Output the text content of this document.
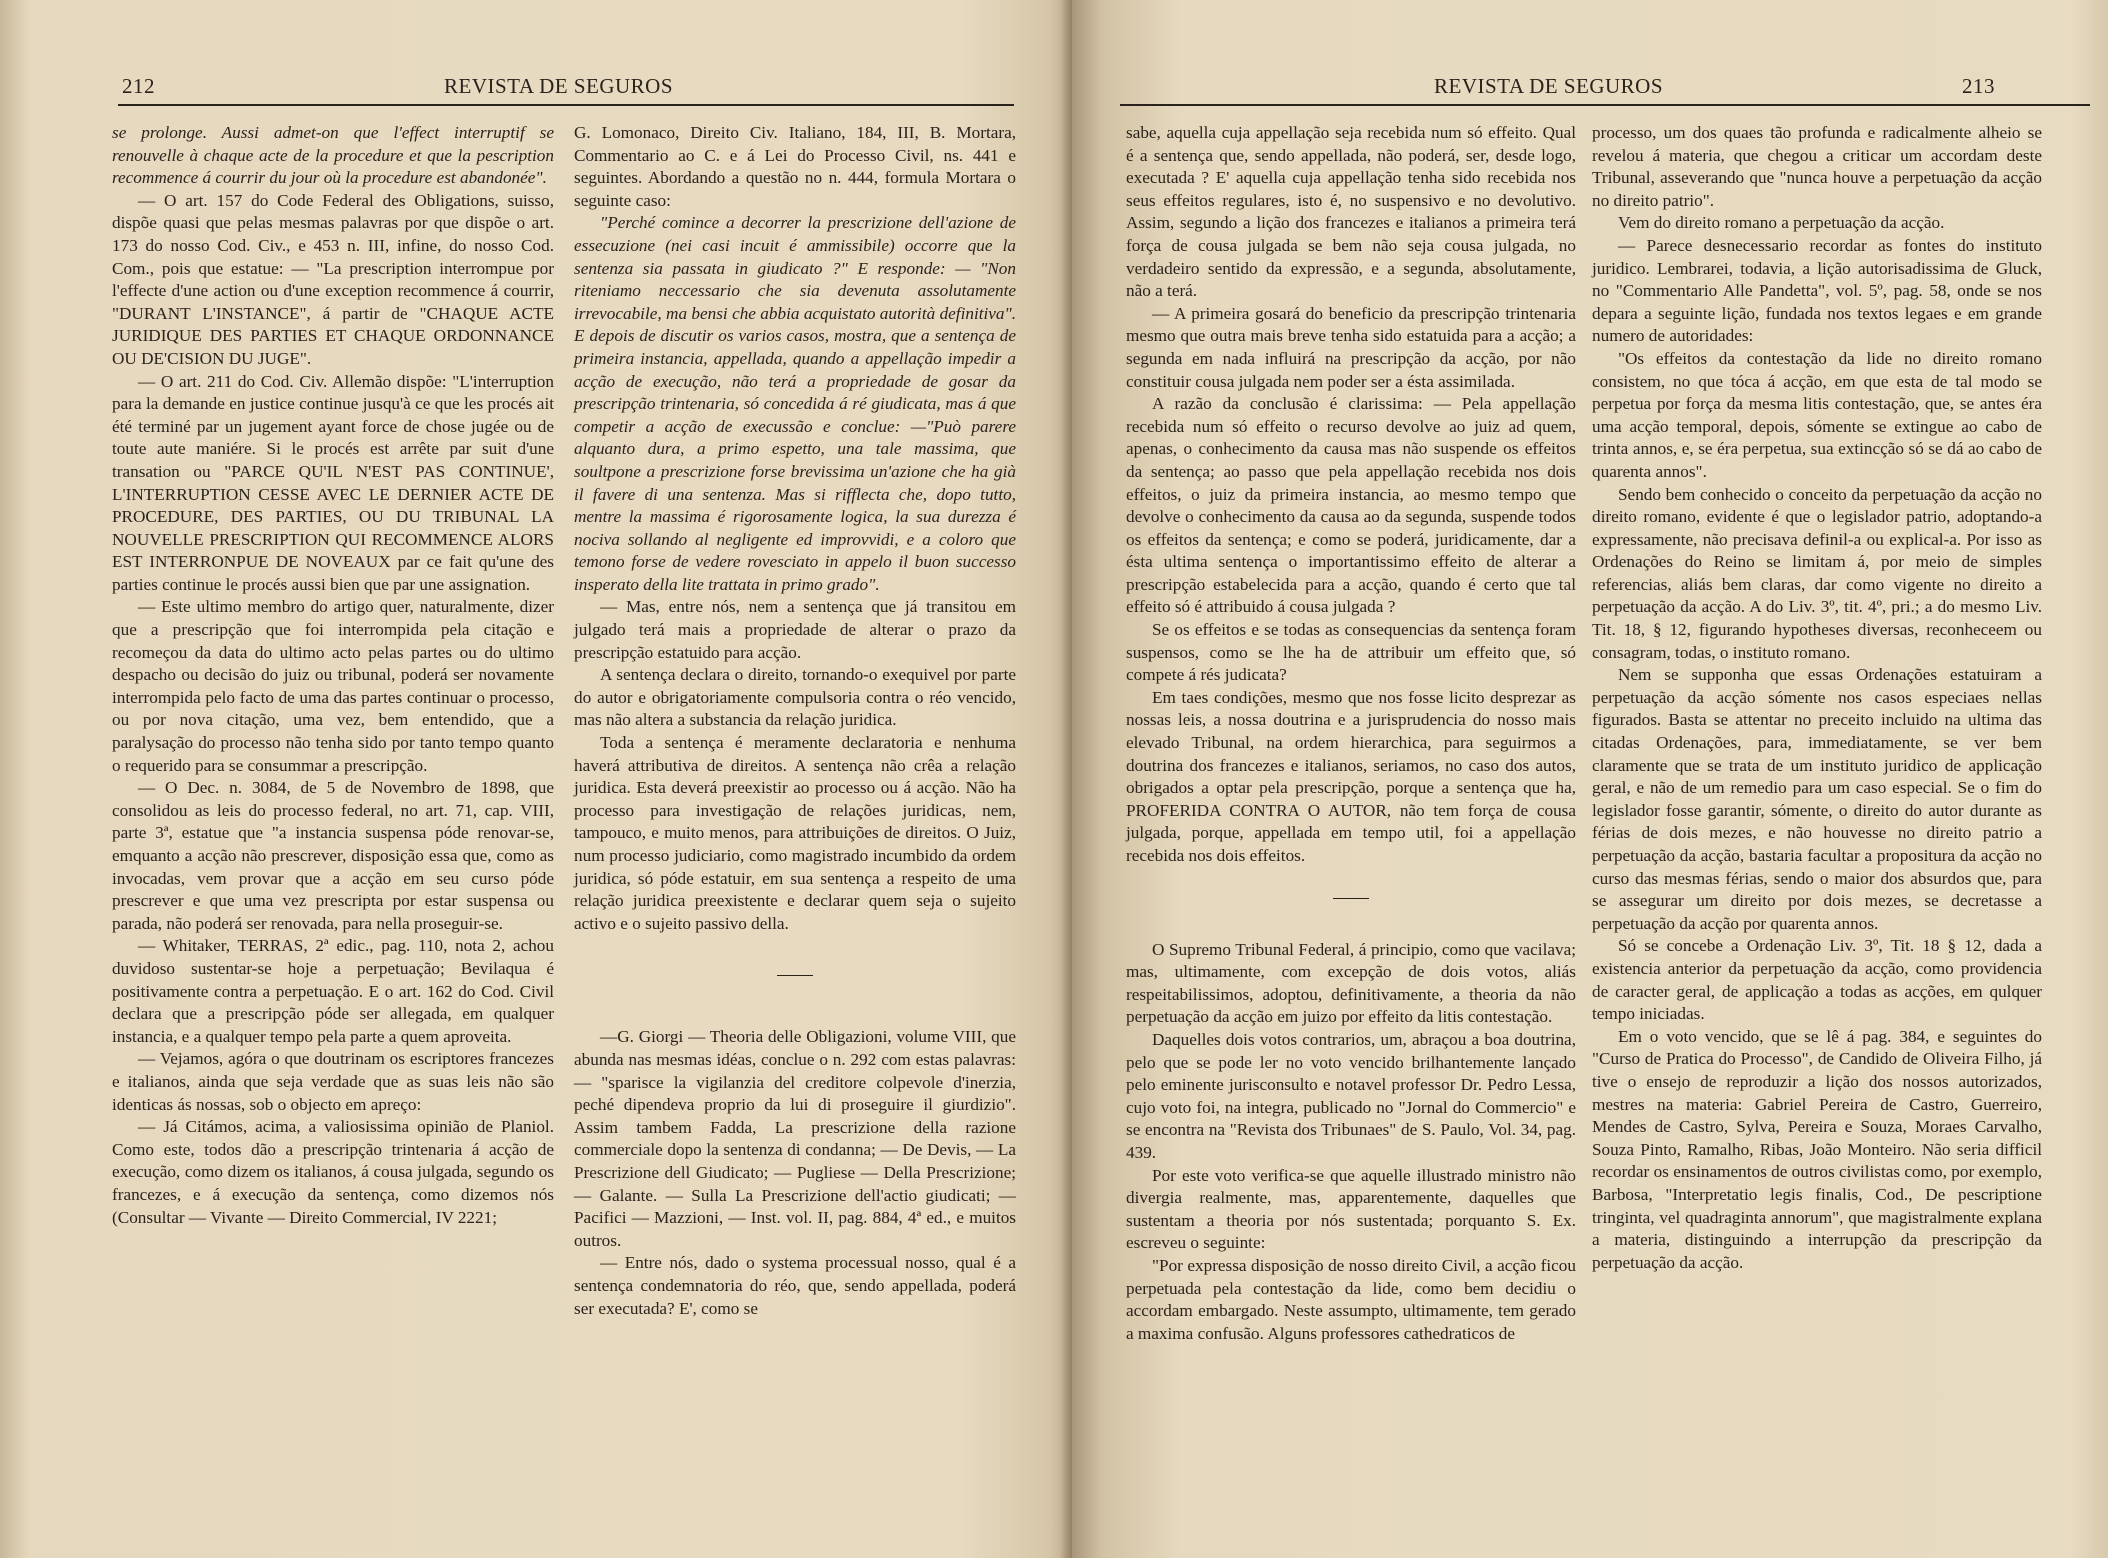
212	REVISTA DE SEGUROS

se prolonge. Aussi admet-on que l'effect interruptif se renouvelle à chaque acte de la procedure et que la pescription recommence á courrir du jour où la procedure est abandonée".

— O art. 157 do Code Federal des Obligations, suisso, dispõe quasi que pelas mesmas palavras por que dispõe o art. 173 do nosso Cod. Civ., e 453 n. III, infine, do nosso Cod. Com., pois que estatue: — "La prescription interrompue por l'effecte d'une action ou d'une exception recommence á courrir, "DURANT L'INSTANCE", á partir de "CHAQUE ACTE JURIDIQUE DES PARTIES ET CHAQUE ORDONNANCE OU DE'CISION DU JUGE".

— O art. 211 do Cod. Civ. Allemão dispõe: "L'interruption para la demande en justice continue jusqu'à ce que les procés ait été terminé par un jugement ayant force de chose jugée ou de toute aute maniére. Si le procés est arrête par suit d'une transation ou "PARCE QU'IL N'EST PAS CONTINUE', L'INTERRUPTION CESSE AVEC LE DERNIER ACTE DE PROCEDURE, DES PARTIES, OU DU TRIBUNAL LA NOUVELLE PRESCRIPTION QUI RECOMMENCE ALORS EST INTERRONPUE DE NOVEAUX par ce fait qu'une des parties continue le procés aussi bien que par une assignation.

— Este ultimo membro do artigo quer, naturalmente, dizer que a prescripção que foi interrompida pela citação e recomeçou da data do ultimo acto pelas partes ou do ultimo despacho ou decisão do juiz ou tribunal, poderá ser novamente interrompida pelo facto de uma das partes continuar o processo, ou por nova citação, uma vez, bem entendido, que a paralysação do processo não tenha sido por tanto tempo quanto o requerido para se consummar a prescripção.

— O Dec. n. 3084, de 5 de Novembro de 1898, que consolidou as leis do processo federal, no art. 71, cap. VIII, parte 3ª, estatue que "a instancia suspensa póde renovar-se, emquanto a acção não prescrever, disposição essa que, como as invocadas, vem provar que a acção em seu curso póde prescrever e que uma vez prescripta por estar suspensa ou parada, não poderá ser renovada, para nella proseguir-se.

— Whitaker, TERRAS, 2ª edic., pag. 110, nota 2, achou duvidoso sustentar-se hoje a perpetuação; Bevilaqua é positivamente contra a perpetuação. E o art. 162 do Cod. Civil declara que a prescripção póde ser allegada, em qualquer instancia, e a qualquer tempo pela parte a quem aproveita.

— Vejamos, agóra o que doutrinam os escriptores francezes e italianos, ainda que seja verdade que as suas leis não são identicas ás nossas, sob o objecto em apreço:

— Já Citámos, acima, a valiosissima opinião de Planiol. Como este, todos dão a prescripção trintenaria á acção de execução, como dizem os italianos, á cousa julgada, segundo os francezes, e á execução da sentença, como dizemos nós (Consultar — Vivante — Direito Commercial, IV 2221;

G. Lomonaco, Direito Civ. Italiano, 184, III, B. Mortara, Commentario ao C. e á Lei do Processo Civil, ns. 441 e seguintes. Abordando a questão no n. 444, formula Mortara o seguinte caso:

"Perché comince a decorrer la prescrizione dell'azione de essecuzione (nei casi incuit é ammissibile) occorre que la sentenza sia passata in giudicato ?" E responde: — "Non riteniamo neccessario che sia devenuta assolutamente irrevocabile, ma bensi che abbia acquistato autorità definitiva". E depois de discutir os varios casos, mostra, que a sentença de primeira instancia, appellada, quando a appellação impedir a acção de execução, não terá a propriedade de gosar da prescripção trintenaria, só concedida á ré giudicata, mas á que competir a acção de execussão e conclue: —"Può parere alquanto dura, a primo espetto, una tale massima, que soultpone a prescrizione forse brevissima un'azione che ha già il favere di una sentenza. Mas si rifflecta che, dopo tutto, mentre la massima é rigorosamente logica, la sua durezza é nociva sollando al negligente ed improvvidi, e a coloro que temono forse de vedere rovesciato in appelo il buon successo insperato della lite trattata in primo grado".

— Mas, entre nós, nem a sentença que já transitou em julgado terá mais a propriedade de alterar o prazo da prescripção estatuido para acção.

A sentença declara o direito, tornando-o exequivel por parte do autor e obrigatoriamente compulsoria contra o réo vencido, mas não altera a substancia da relação juridica.

Toda a sentença é meramente declaratoria e nenhuma haverá attributiva de direitos. A sentença não crêa a relação juridica. Esta deverá preexistir ao processo ou á acção. Não ha processo para investigação de relações juridicas, nem, tampouco, e muito menos, para attribuições de direitos. O Juiz, num processo judiciario, como magistrado incumbido da ordem juridica, só póde estatuir, em sua sentença a respeito de uma relação juridica preexistente e declarar quem seja o sujeito activo e o sujeito passivo della.

—G. Giorgi — Theoria delle Obligazioni, volume VIII, que abunda nas mesmas idéas, conclue o n. 292 com estas palavras: — "sparisce la vigilanzia del creditore colpevole d'inerzia, peché dipendeva proprio da lui di proseguire il giurdizio". Assim tambem Fadda, La prescrizione della razione commerciale dopo la sentenza di condanna; — De Devis, — La Prescrizione dell Giudicato; — Pugliese — Della Prescrizione; — Galante. — Sulla La Prescrizione dell'actio giudicati; — Pacifici — Mazzioni, — Inst. vol. II, pag. 884, 4ª ed., e muitos outros.

— Entre nós, dado o systema processual nosso, qual é a sentença condemnatoria do réo, que, sendo appellada, poderá ser executada? E', como se

REVISTA DE SEGUROS	213

sabe, aquella cuja appellação seja recebida num só effeito. Qual é a sentença que, sendo appellada, não poderá, ser, desde logo, executada ? E' aquella cuja appellação tenha sido recebida nos seus effeitos regulares, isto é, no suspensivo e no devolutivo. Assim, segundo a lição dos francezes e italianos a primeira terá força de cousa julgada se bem não seja cousa julgada, no verdadeiro sentido da expressão, e a segunda, absolutamente, não a terá.

— A primeira gosará do beneficio da prescripção trintenaria mesmo que outra mais breve tenha sido estatuida para a acção; a segunda em nada influirá na prescripção da acção, por não constituir cousa julgada nem poder ser a ésta assimilada.

A razão da conclusão é clarissima: — Pela appellação recebida num só effeito o recurso devolve ao juiz ad quem, apenas, o conhecimento da causa mas não suspende os effeitos da sentença; ao passo que pela appellação recebida nos dois effeitos, o juiz da primeira instancia, ao mesmo tempo que devolve o conhecimento da causa ao da segunda, suspende todos os effeitos da sentença; e como se poderá, juridicamente, dar a ésta ultima sentença o importantissimo effeito de alterar a prescripção estabelecida para a acção, quando é certo que tal effeito só é attribuido á cousa julgada ?

Se os effeitos e se todas as consequencias da sentença foram suspensos, como se lhe ha de attribuir um effeito que, só compete á rés judicata?

Em taes condições, mesmo que nos fosse licito desprezar as nossas leis, a nossa doutrina e a jurisprudencia do nosso mais elevado Tribunal, na ordem hierarchica, para seguirmos a doutrina dos francezes e italianos, seriamos, no caso dos autos, obrigados a optar pela prescripção, porque a sentença que ha, PROFERIDA CONTRA O AUTOR, não tem força de cousa julgada, porque, appellada em tempo util, foi a appellação recebida nos dois effeitos.

O Supremo Tribunal Federal, á principio, como que vacilava; mas, ultimamente, com excepção de dois votos, aliás respeitabilissimos, adoptou, definitivamente, a theoria da não perpetuação da acção em juizo por effeito da litis contestação.

Daquelles dois votos contrarios, um, abraçou a boa doutrina, pelo que se pode ler no voto vencido brilhantemente lançado pelo eminente jurisconsulto e notavel professor Dr. Pedro Lessa, cujo voto foi, na integra, publicado no "Jornal do Commercio" e se encontra na "Revista dos Tribunaes" de S. Paulo, Vol. 34, pag. 439.

Por este voto verifica-se que aquelle illustrado ministro não divergia realmente, mas, apparentemente, daquelles que sustentam a theoria por nós sustentada; porquanto S. Ex. escreveu o seguinte:

"Por expressa disposição de nosso direito Civil, a acção ficou perpetuada pela contestação da lide, como bem decidiu o accordam embargado. Neste assumpto, ultimamente, tem gerado a maxima confusão. Alguns professores cathedraticos de

processo, um dos quaes tão profunda e radicalmente alheio se revelou á materia, que chegou a criticar um accordam deste Tribunal, asseverando que "nunca houve a perpetuação da acção no direito patrio".

Vem do direito romano a perpetuação da acção.

— Parece desnecessario recordar as fontes do instituto juridico. Lembrarei, todavia, a lição autorisadissima de Gluck, no "Commentario Alle Pandetta", vol. 5º, pag. 58, onde se nos depara a seguinte lição, fundada nos textos legaes e em grande numero de autoridades:

"Os effeitos da contestação da lide no direito romano consistem, no que tóca á acção, em que esta de tal modo se perpetua por força da mesma litis contestação, que, se antes éra uma acção temporal, depois, sómente se extingue ao cabo de trinta annos, e, se éra perpetua, sua extincção só se dá ao cabo de quarenta annos".

Sendo bem conhecido o conceito da perpetuação da acção no direito romano, evidente é que o legislador patrio, adoptando-a expressamente, não precisava definil-a ou explical-a. Por isso as Ordenações do Reino se limitam á, por meio de simples referencias, aliás bem claras, dar como vigente no direito a perpetuação da acção. A do Liv. 3º, tit. 4º, pri.; a do mesmo Liv. Tit. 18, § 12, figurando hypotheses diversas, reconheceem ou consagram, todas, o instituto romano.

Nem se supponha que essas Ordenações estatuiram a perpetuação da acção sómente nos casos especiaes nellas figurados. Basta se attentar no preceito incluido na ultima das citadas Ordenações, para, immediatamente, se ver bem claramente que se trata de um instituto juridico de applicação geral, e não de um remedio para um caso especial. Se o fim do legislador fosse garantir, sómente, o direito do autor durante as férias de dois mezes, e não houvesse no direito patrio a perpetuação da acção, bastaria facultar a propositura da acção no curso das mesmas férias, sendo o maior dos absurdos que, para se assegurar um direito por dois mezes, se decretasse a perpetuação da acção por quarenta annos.

Só se concebe a Ordenação Liv. 3º, Tit. 18 § 12, dada a existencia anterior da perpetuação da acção, como providencia de caracter geral, de applicação a todas as acções, em qulquer tempo iniciadas.

Em o voto vencido, que se lê á pag. 384, e seguintes do "Curso de Pratica do Processo", de Candido de Oliveira Filho, já tive o ensejo de reproduzir a lição dos nossos autorizados, mestres na materia: Gabriel Pereira de Castro, Guerreiro, Mendes de Castro, Sylva, Pereira e Souza, Moraes Carvalho, Souza Pinto, Ramalho, Ribas, João Monteiro. Não seria difficil recordar os ensinamentos de outros civilistas como, por exemplo, Barbosa, "Interpretatio legis finalis, Cod., De pescriptione tringinta, vel quadraginta annorum", que magistralmente explana a materia, distinguindo a interrupção da prescripção da perpetuação da acção.
